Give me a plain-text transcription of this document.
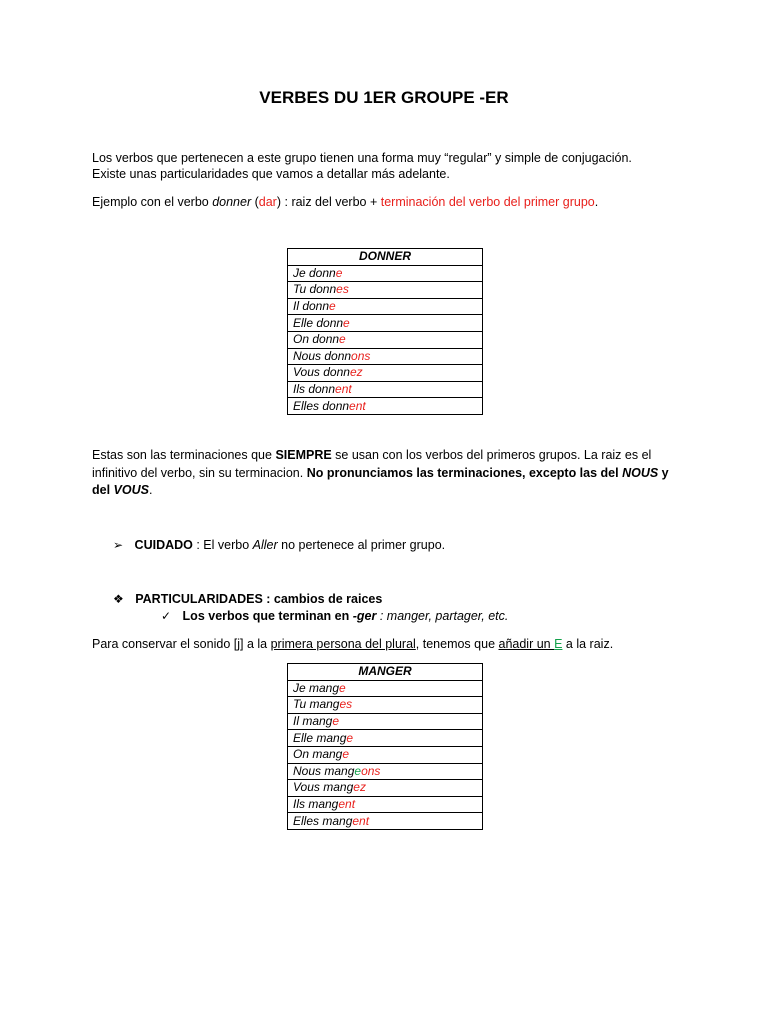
VERBES DU 1ER GROUPE -ER
Los verbos que pertenecen a este grupo tienen una forma muy “regular” y simple de conjugación.
Existe unas particularidades que vamos a detallar más adelante.
Ejemplo con el verbo donner (dar) : raiz del verbo + terminación del verbo del primer grupo.
DONNER
Je donne
Tu donnes
Il donne
Elle donne
On donne
Nous donnons
Vous donnez
Ils donnent
Elles donnent
Estas son las terminaciones que SIEMPRE se usan con los verbos del primeros grupos. La raiz es el
infinitivo del verbo, sin su terminacion. No pronunciamos las terminaciones, excepto las del NOUS y
del VOUS.
➢ CUIDADO : El verbo Aller no pertenece al primer grupo.
❖ PARTICULARIDADES : cambios de raices
✓ Los verbos que terminan en -ger : manger, partager, etc.
Para conservar el sonido [j] a la primera persona del plural, tenemos que añadir un E a la raiz.
MANGER
Je mange
Tu manges
Il mange
Elle mange
On mange
Nous mangeons
Vous mangez
Ils mangent
Elles mangent
